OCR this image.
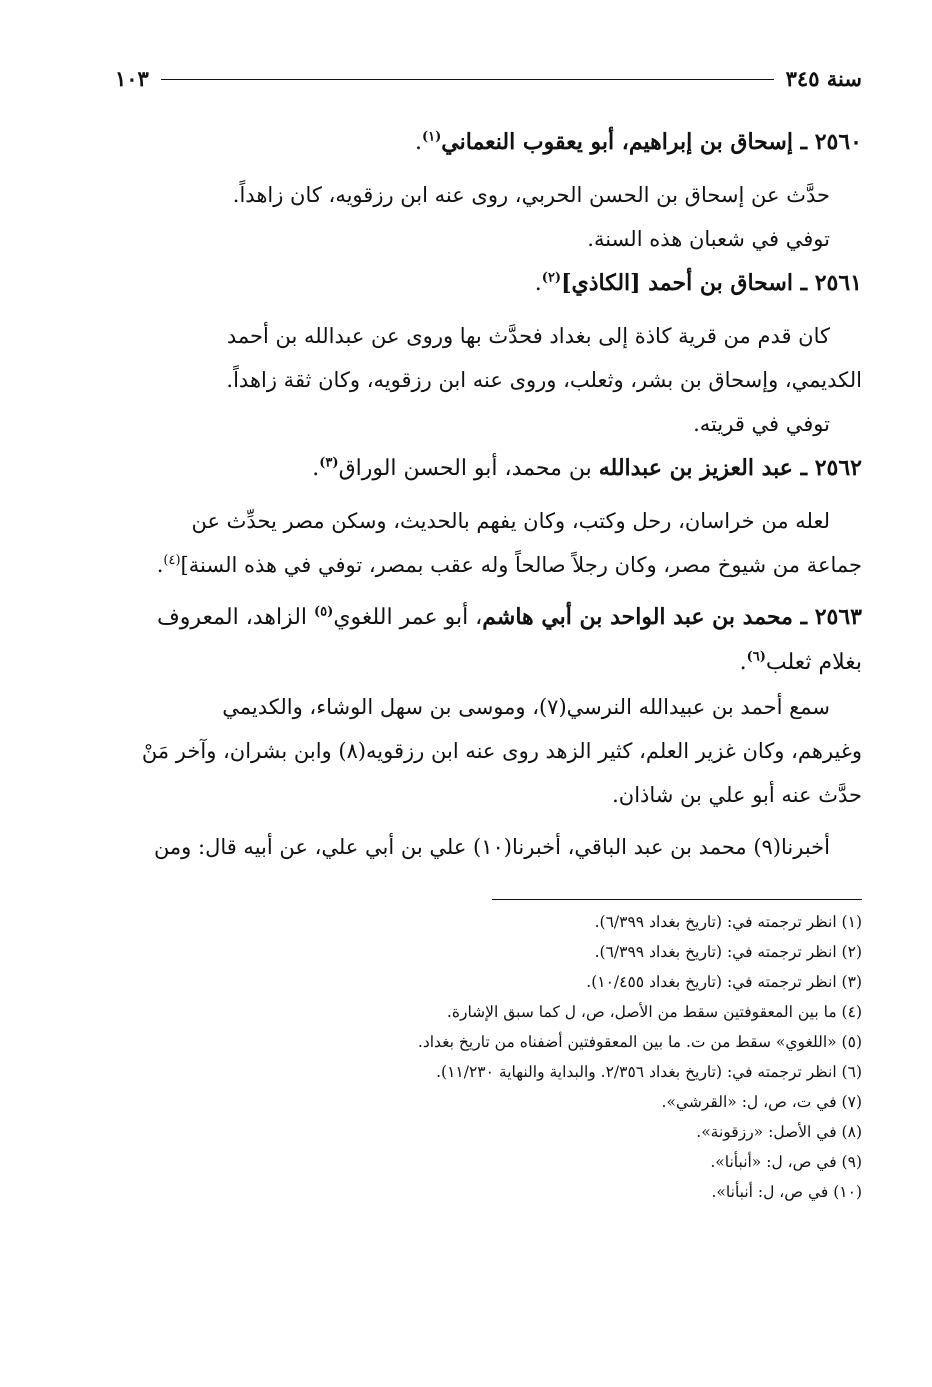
سنة ٣٤٥
١٠٣

٢٥٦٠ ـ إسحاق بن إبراهيم، أبو يعقوب النعماني$^{(١)}$.

حدَّث عن إسحاق بن الحسن الحربي، روى عنه ابن رزقويه، كان زاهداً.
توفي في شعبان هذه السنة.

٢٥٦١ ـ اسحاق بن أحمد [الكاذي]$^{(٢)}$.

كان قدم من قرية كاذة إلى بغداد فحدَّث بها وروى عن عبدالله بن أحمد
الكديمي، وإسحاق بن بشر، وثعلب، وروى عنه ابن رزقويه، وكان ثقة زاهداً.
توفي في قريته.

٢٥٦٢ ـ عبد العزيز بن عبدالله بن محمد، أبو الحسن الوراق$^{(٣)}$.

لعله من خراسان، رحل وكتب، وكان يفهم بالحديث، وسكن مصر يحدِّث عن
جماعة من شيوخ مصر، وكان رجلاً صالحاً وله عقب بمصر، توفي في هذه السنة]$^{(٤)}$.

٢٥٦٣ ـ محمد بن عبد الواحد بن أبي هاشم، أبو عمر اللغوي$^{(٥)}$ الزاهد، المعروف
بغلام ثعلب$^{(٦)}$.

سمع أحمد بن عبيدالله النرسي(٧)، وموسى بن سهل الوشاء، والكديمي
وغيرهم، وكان غزير العلم، كثير الزهد روى عنه ابن رزقويه(٨) وابن بشران، وآخر مَنْ
حدَّث عنه أبو علي بن شاذان.

أخبرنا(٩) محمد بن عبد الباقي، أخبرنا(١٠) علي بن أبي علي، عن أبيه قال: ومن

(١) انظر ترجمته في: (تاريخ بغداد ٦/٣٩٩).

(٢) انظر ترجمته في: (تاريخ بغداد ٦/٣٩٩).

(٣) انظر ترجمته في: (تاريخ بغداد ١٠/٤٥٥).

(٤) ما بين المعقوفتين سقط من الأصل، ص، ل كما سبق الإشارة.

(٥) «اللغوي» سقط من ت. ما بين المعقوفتين أضفناه من تاريخ بغداد.

(٦) انظر ترجمته في: (تاريخ بغداد ٢/٣٥٦. والبداية والنهاية ١١/٢٣٠).

(٧) في ت، ص، ل: «القرشي».

(٨) في الأصل: «رزقونة».

(٩) في ص، ل: «أنبأنا».

(١٠) في ص، ل: أنبأنا».
